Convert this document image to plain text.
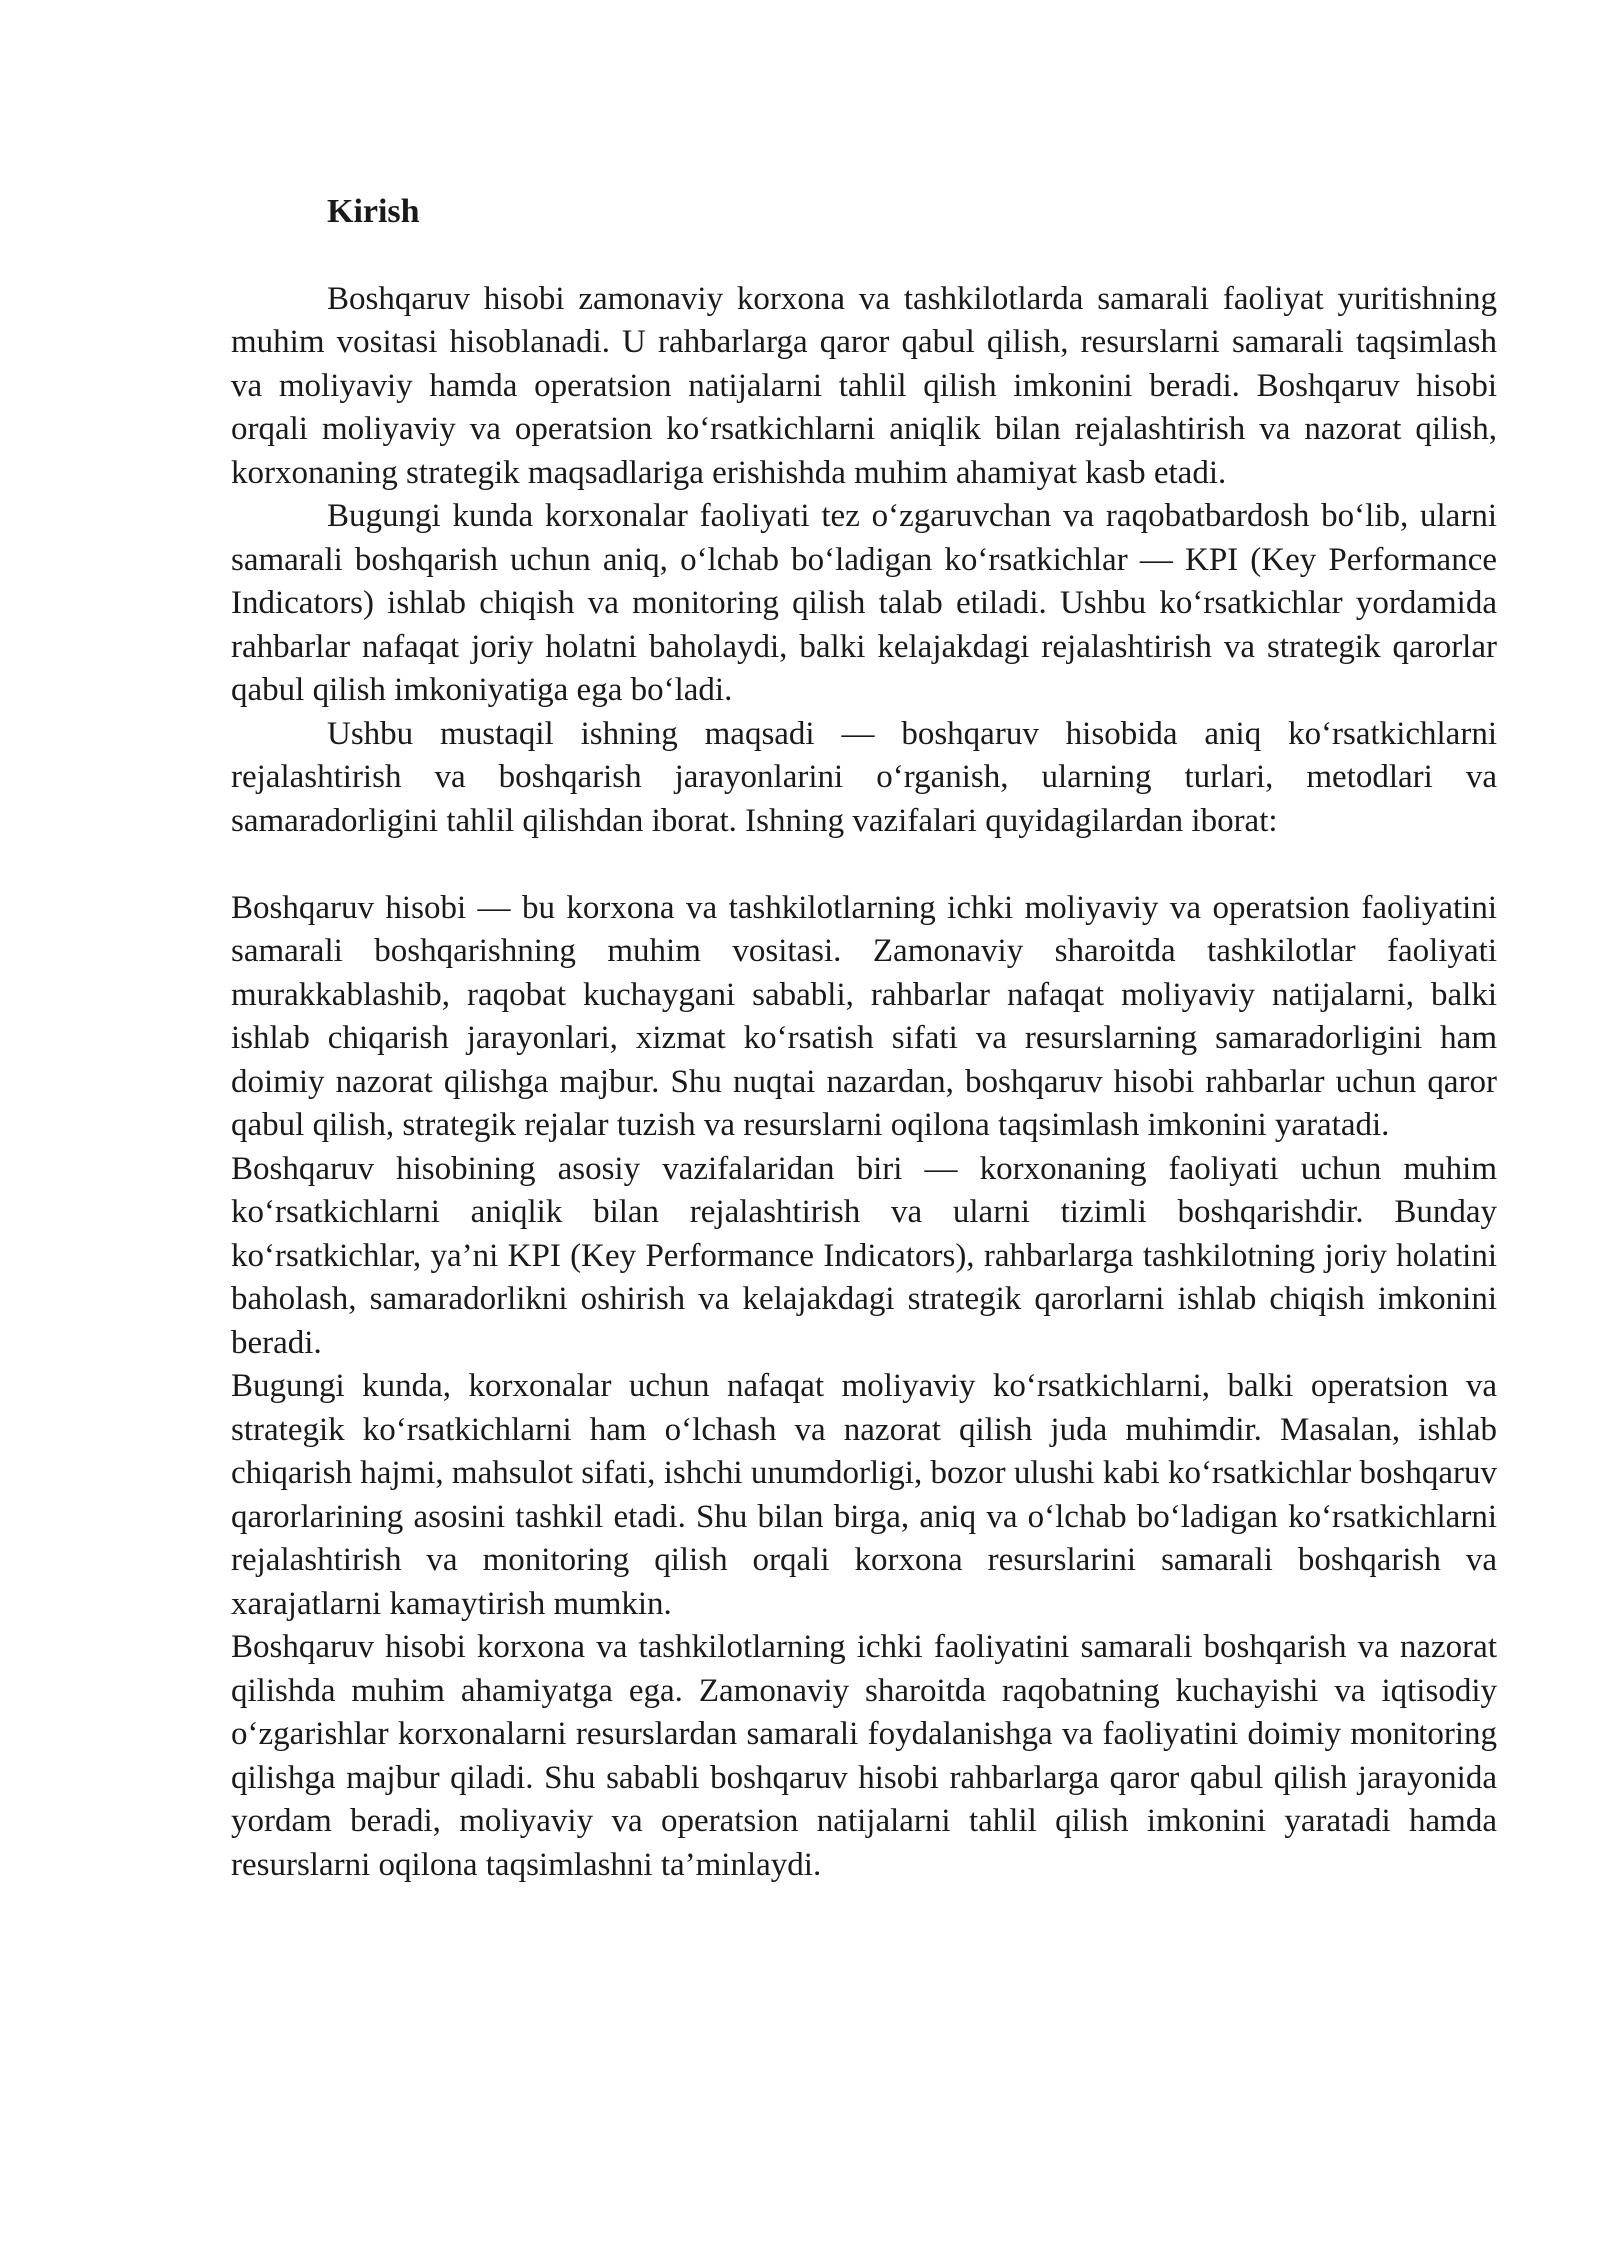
Kirish

Boshqaruv hisobi zamonaviy korxona va tashkilotlarda samarali faoliyat yuritishning muhim vositasi hisoblanadi. U rahbarlarga qaror qabul qilish, resurslarni samarali taqsimlash va moliyaviy hamda operatsion natijalarni tahlil qilish imkonini beradi. Boshqaruv hisobi orqali moliyaviy va operatsion ko‘rsatkichlarni aniqlik bilan rejalashtirish va nazorat qilish, korxonaning strategik maqsadlariga erishishda muhim ahamiyat kasb etadi.

Bugungi kunda korxonalar faoliyati tez o‘zgaruvchan va raqobatbardosh bo‘lib, ularni samarali boshqarish uchun aniq, o‘lchab bo‘ladigan ko‘rsatkichlar — KPI (Key Performance Indicators) ishlab chiqish va monitoring qilish talab etiladi. Ushbu ko‘rsatkichlar yordamida rahbarlar nafaqat joriy holatni baholaydi, balki kelajakdagi rejalashtirish va strategik qarorlar qabul qilish imkoniyatiga ega bo‘ladi.

Ushbu mustaqil ishning maqsadi — boshqaruv hisobida aniq ko‘rsatkichlarni rejalashtirish va boshqarish jarayonlarini o‘rganish, ularning turlari, metodlari va samaradorligini tahlil qilishdan iborat. Ishning vazifalari quyidagilardan iborat:

Boshqaruv hisobi — bu korxona va tashkilotlarning ichki moliyaviy va operatsion faoliyatini samarali boshqarishning muhim vositasi. Zamonaviy sharoitda tashkilotlar faoliyati murakkablashib, raqobat kuchaygani sababli, rahbarlar nafaqat moliyaviy natijalarni, balki ishlab chiqarish jarayonlari, xizmat ko‘rsatish sifati va resurslarning samaradorligini ham doimiy nazorat qilishga majbur. Shu nuqtai nazardan, boshqaruv hisobi rahbarlar uchun qaror qabul qilish, strategik rejalar tuzish va resurslarni oqilona taqsimlash imkonini yaratadi.

Boshqaruv hisobining asosiy vazifalaridan biri — korxonaning faoliyati uchun muhim ko‘rsatkichlarni aniqlik bilan rejalashtirish va ularni tizimli boshqarishdir. Bunday ko‘rsatkichlar, ya’ni KPI (Key Performance Indicators), rahbarlarga tashkilotning joriy holatini baholash, samaradorlikni oshirish va kelajakdagi strategik qarorlarni ishlab chiqish imkonini beradi.

Bugungi kunda, korxonalar uchun nafaqat moliyaviy ko‘rsatkichlarni, balki operatsion va strategik ko‘rsatkichlarni ham o‘lchash va nazorat qilish juda muhimdir. Masalan, ishlab chiqarish hajmi, mahsulot sifati, ishchi unumdorligi, bozor ulushi kabi ko‘rsatkichlar boshqaruv qarorlarining asosini tashkil etadi. Shu bilan birga, aniq va o‘lchab bo‘ladigan ko‘rsatkichlarni rejalashtirish va monitoring qilish orqali korxona resurslarini samarali boshqarish va xarajatlarni kamaytirish mumkin.

Boshqaruv hisobi korxona va tashkilotlarning ichki faoliyatini samarali boshqarish va nazorat qilishda muhim ahamiyatga ega. Zamonaviy sharoitda raqobatning kuchayishi va iqtisodiy o‘zgarishlar korxonalarni resurslardan samarali foydalanishga va faoliyatini doimiy monitoring qilishga majbur qiladi. Shu sababli boshqaruv hisobi rahbarlarga qaror qabul qilish jarayonida yordam beradi, moliyaviy va operatsion natijalarni tahlil qilish imkonini yaratadi hamda resurslarni oqilona taqsimlashni ta’minlaydi.
